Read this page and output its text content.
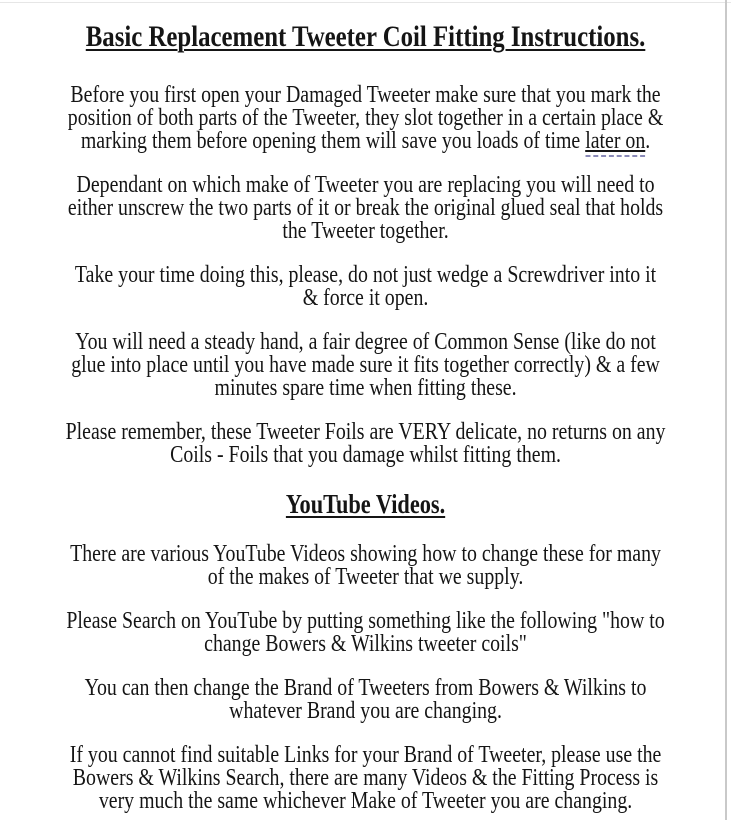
Basic Replacement Tweeter Coil Fitting Instructions.

Before you first open your Damaged Tweeter make sure that you mark the position of both parts of the Tweeter, they slot together in a certain place & marking them before opening them will save you loads of time later on.

Dependant on which make of Tweeter you are replacing you will need to either unscrew the two parts of it or break the original glued seal that holds the Tweeter together.

Take your time doing this, please, do not just wedge a Screwdriver into it & force it open.

You will need a steady hand, a fair degree of Common Sense (like do not glue into place until you have made sure it fits together correctly) & a few minutes spare time when fitting these.

Please remember, these Tweeter Foils are VERY delicate, no returns on any Coils - Foils that you damage whilst fitting them.

YouTube Videos.

There are various YouTube Videos showing how to change these for many of the makes of Tweeter that we supply.

Please Search on YouTube by putting something like the following "how to change Bowers & Wilkins tweeter coils"

You can then change the Brand of Tweeters from Bowers & Wilkins to whatever Brand you are changing.

If you cannot find suitable Links for your Brand of Tweeter, please use the Bowers & Wilkins Search, there are many Videos & the Fitting Process is very much the same whichever Make of Tweeter you are changing.
